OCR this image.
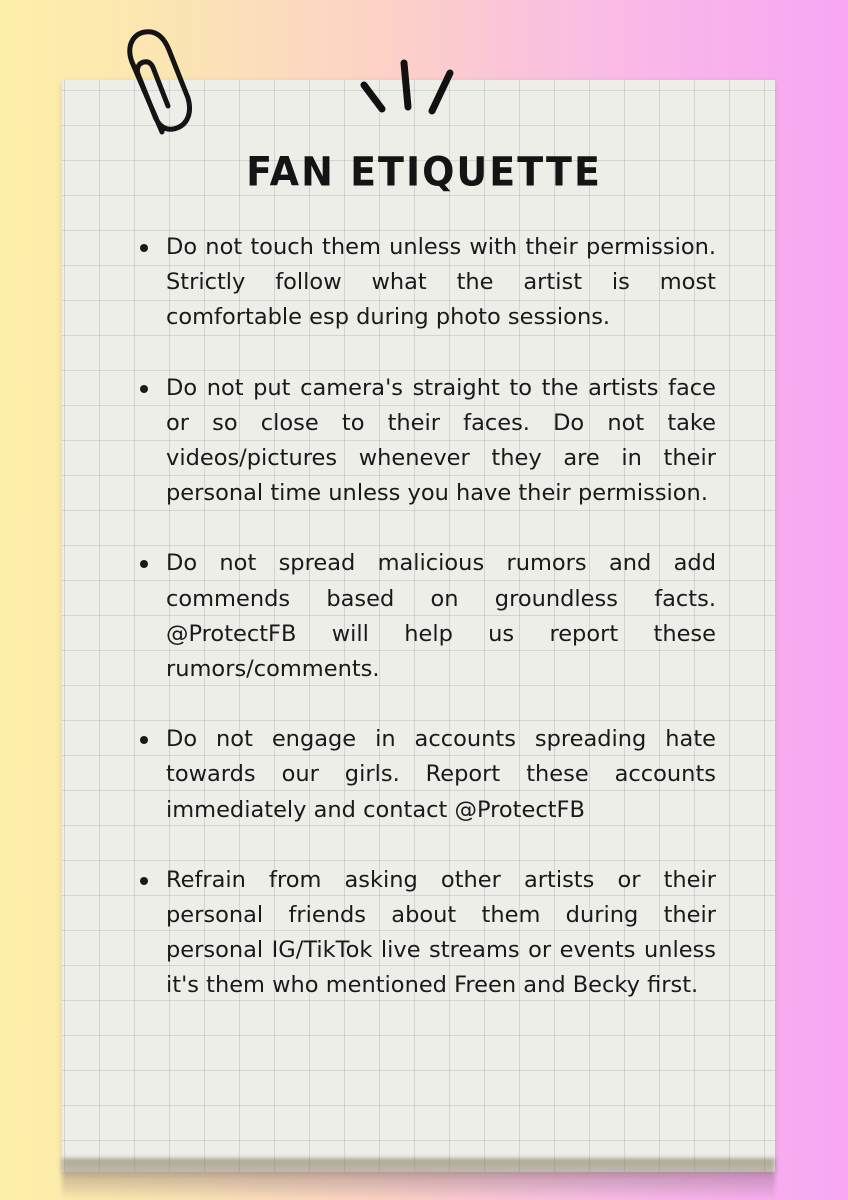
FAN ETIQUETTE
Do not touch them unless with their permission. Strictly follow what the artist is most comfortable esp during photo sessions.
Do not put camera's straight to the artists face or so close to their faces. Do not take videos/pictures whenever they are in their personal time unless you have their permission.
Do not spread malicious rumors and add commends based on groundless facts. @ProtectFB will help us report these rumors/comments.
Do not engage in accounts spreading hate towards our girls. Report these accounts immediately and contact @ProtectFB
Refrain from asking other artists or their personal friends about them during their personal IG/TikTok live streams or events unless it's them who mentioned Freen and Becky first.
